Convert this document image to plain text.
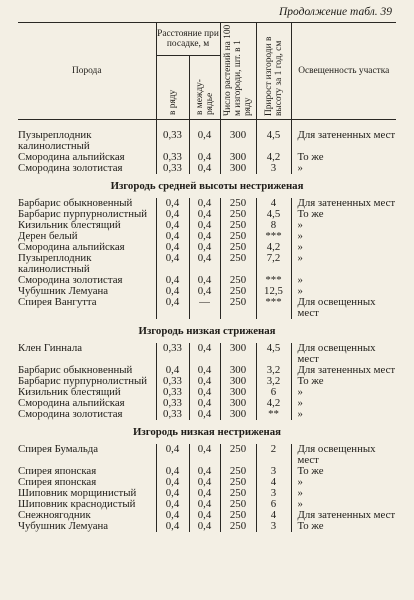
Продолжение табл. 39
Порода	Расстояние при посадке, м		Число растений на 100 м изгороди, шт. в 1 ряду	Прирост изгороди в высоту за 1 год, см	Освещенность участка
	в ряду	в между-рядье			

Пузыреплодник калинолистный	0,33	0,4	300	4,5	Для затененных мест
Смородина альпийская	0,33	0,4	300	4,2	То же
Смородина золотистая	0,33	0,4	300	3	»
Изгородь средней высоты нестриженая					
Барбарис обыкновенный	0,4	0,4	250	4	Для затененных мест
Барбарис пурпурнолистный	0,4	0,4	250	4,5	То же
Кизильник блестящий	0,4	0,4	250	8	»
Дерен белый	0,4	0,4	250	***	»
Смородина альпийская	0,4	0,4	250	4,2	»
Пузыреплодник калинолистный	0,4	0,4	250	7,2	»
Смородина золотистая	0,4	0,4	250	***	»
Чубушник Лемуана	0,4	0,4	250	12,5	»
Спирея Вангутта	0,4	—	250	***	Для освещенных мест
Изгородь низкая стриженая					
Клен Гиннала	0,33	0,4	300	4,5	Для освещенных мест
Барбарис обыкновенный	0,4	0,4	300	3,2	Для затененных мест
Барбарис пурпурнолистный	0,33	0,4	300	3,2	То же
Кизильник блестящий	0,33	0,4	300	6	»
Смородина альпийская	0,33	0,4	300	4,2	»
Смородина золотистая	0,33	0,4	300	**	»
Изгородь низкая нестриженая					
Спирея Бумальда	0,4	0,4	250	2	Для освещенных мест
Спирея японская	0,4	0,4	250	3	То же
Спирея японская	0,4	0,4	250	4	»
Шиповник морщинистый	0,4	0,4	250	3	»
Шиповник краснодистый	0,4	0,4	250	6	»
Снежноягодник	0,4	0,4	250	4	Для затененных мест
Чубушник Лемуана	0,4	0,4	250	3	То же
